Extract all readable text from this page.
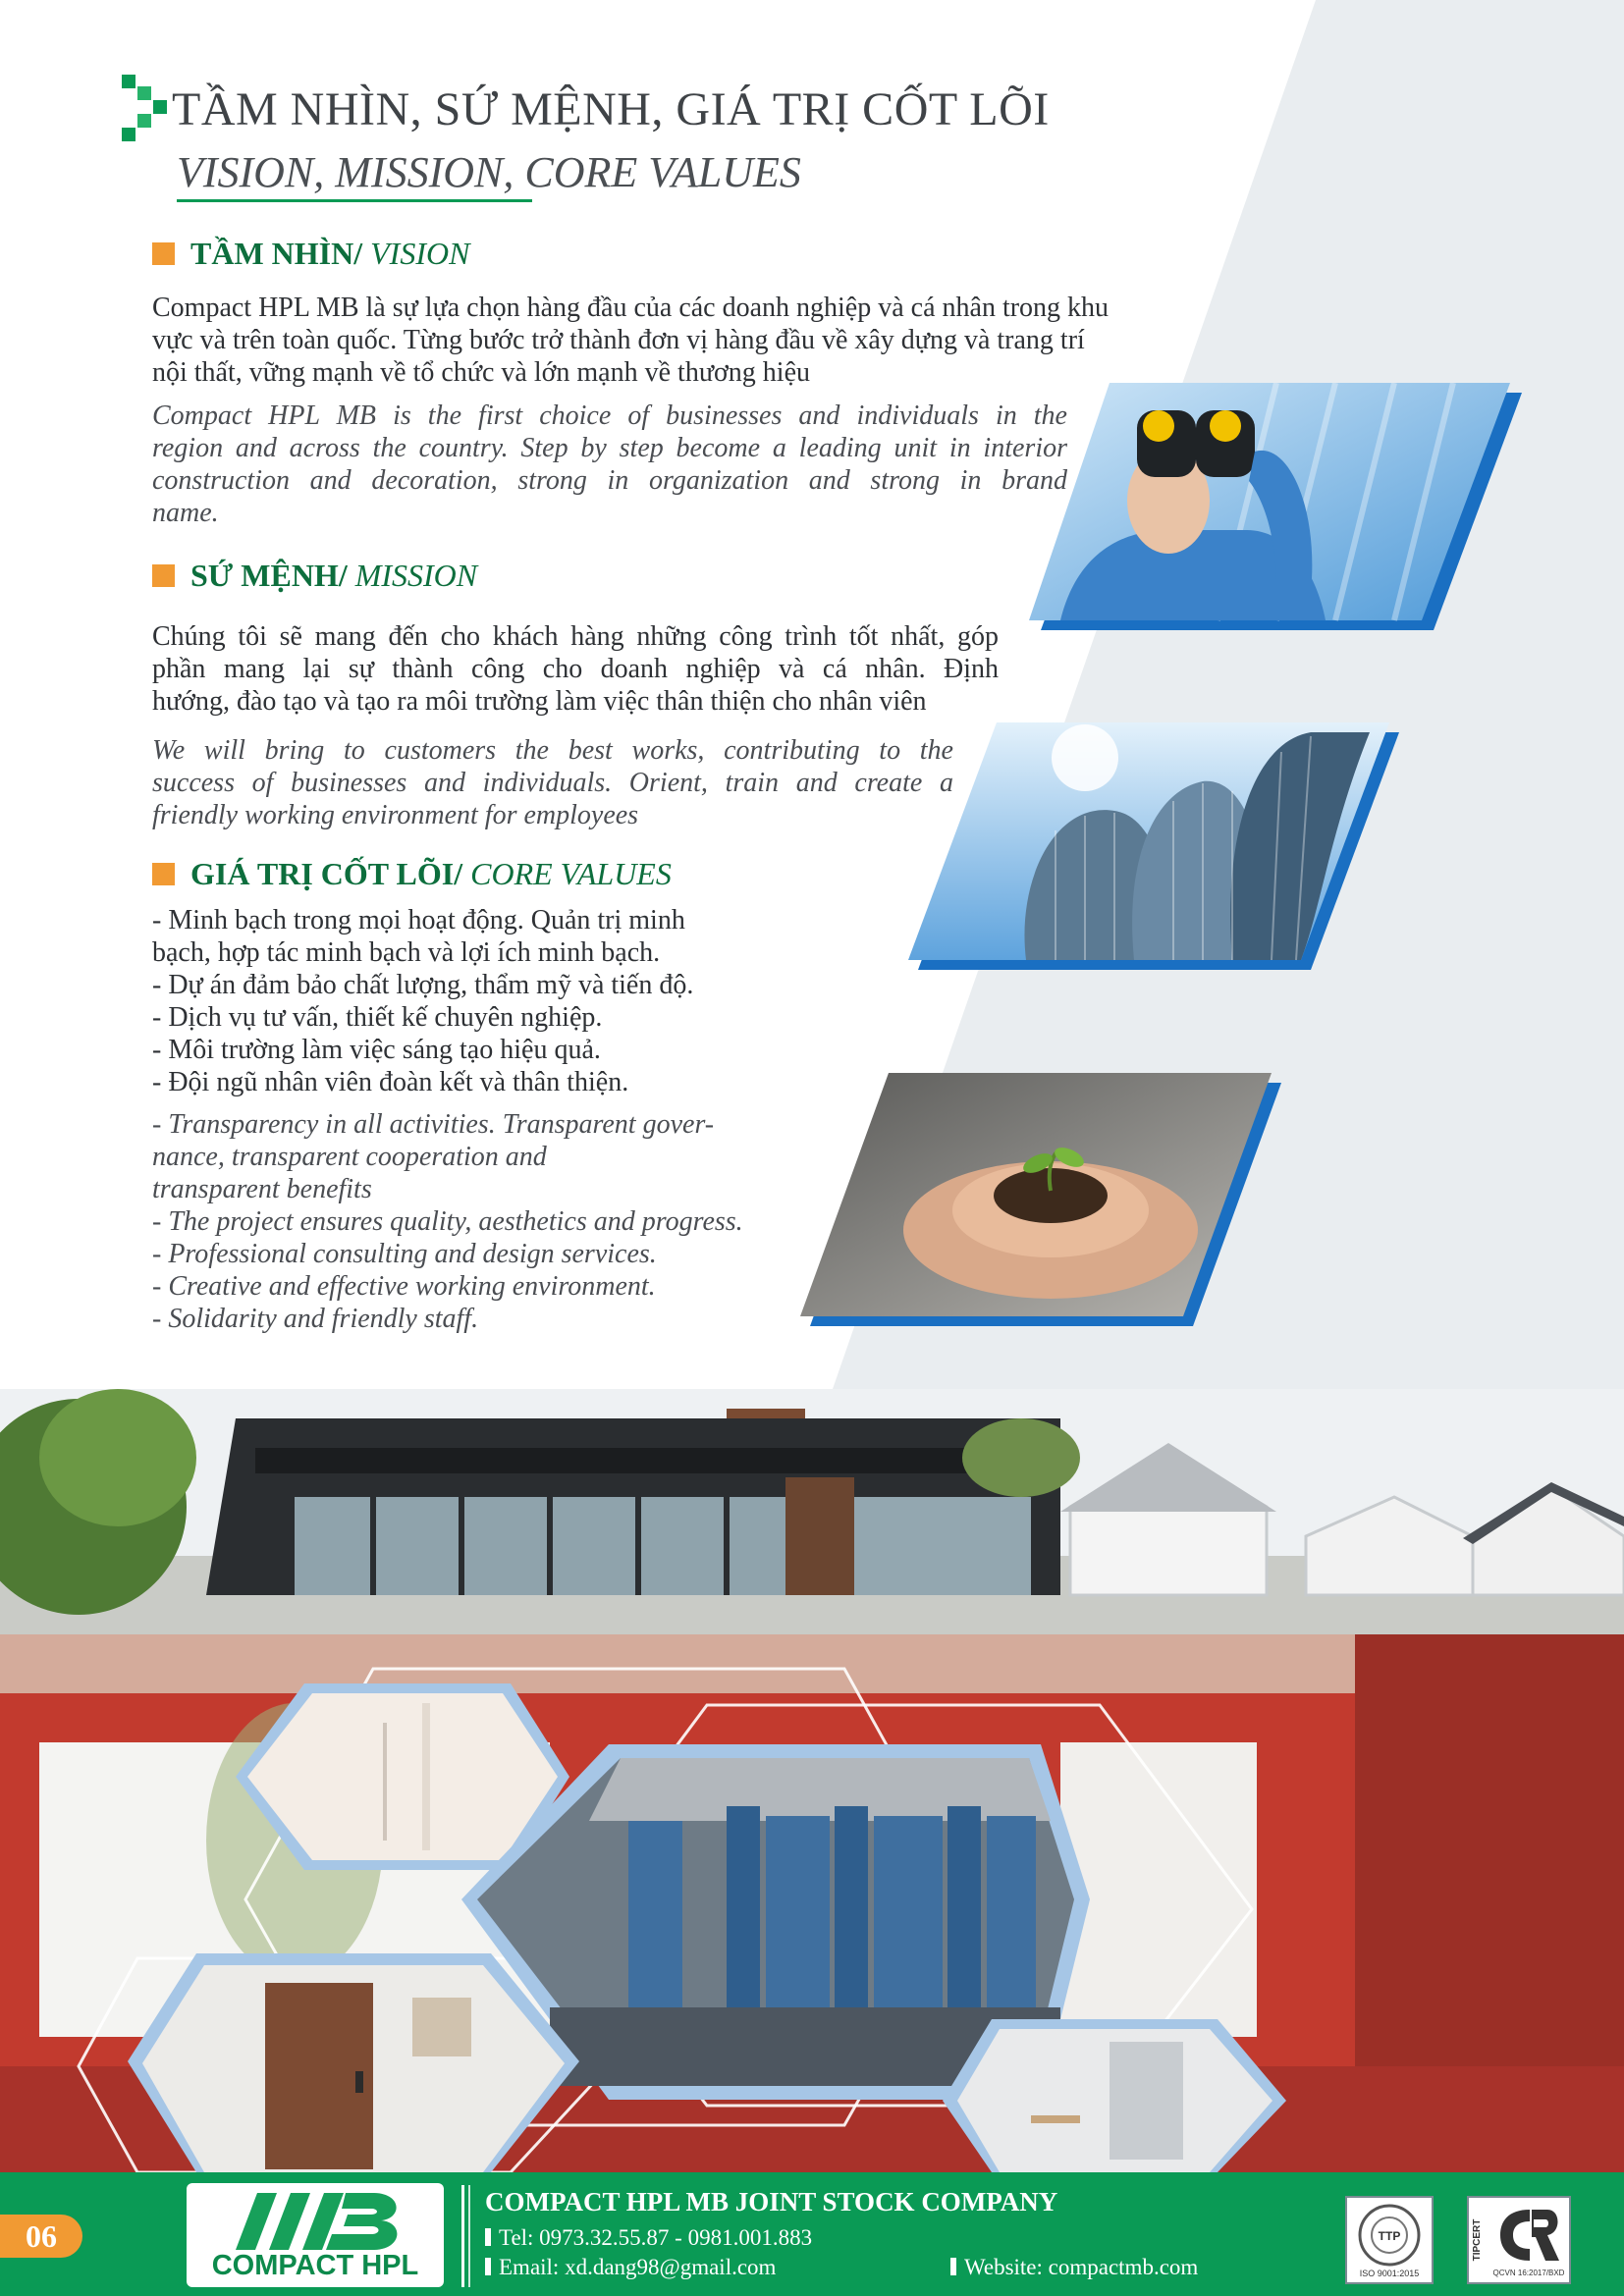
TẦM NHÌN, SỨ MỆNH, GIÁ TRỊ CỐT LÕI
VISION, MISSION, CORE VALUES
TẦM NHÌN/ VISION
Compact HPL MB là sự lựa chọn hàng đầu của các doanh nghiệp và cá nhân trong khu
vực và trên toàn quốc. Từng bước trở thành đơn vị hàng đầu về xây dựng và trang trí
nội thất, vững mạnh về tổ chức và lớn mạnh về thương hiệu
Compact HPL MB is the first choice of businesses and individuals in the
region and across the country. Step by step become a leading unit in interior
construction and decoration, strong in organization and strong in brand
name.
SỨ MỆNH/ MISSION
Chúng tôi sẽ mang đến cho khách hàng những công trình tốt nhất, góp
phần mang lại sự thành công cho doanh nghiệp và cá nhân. Định
hướng, đào tạo và tạo ra môi trường làm việc thân thiện cho nhân viên
We will bring to customers the best works, contributing to the
success of businesses and individuals. Orient, train and create a
friendly working environment for employees
GIÁ TRỊ CỐT LÕI/ CORE VALUES
- Minh bạch trong mọi hoạt động. Quản trị minh
bạch, hợp tác minh bạch và lợi ích minh bạch.
- Dự án đảm bảo chất lượng, thẩm mỹ và tiến độ.
- Dịch vụ tư vấn, thiết kế chuyên nghiệp.
- Môi trường làm việc sáng tạo hiệu quả.
- Đội ngũ nhân viên đoàn kết và thân thiện.
- Transparency in all activities. Transparent gover-
nance, transparent cooperation and
transparent benefits
- The project ensures quality, aesthetics and progress.
- Professional consulting and design services.
- Creative and effective working environment.
- Solidarity and friendly staff.
06
COMPACT HPL
COMPACT HPL MB JOINT STOCK COMPANY
Tel: 0973.32.55.87 - 0981.001.883
Email: xd.dang98@gmail.com	Website: compactmb.com
TTP
ISO 9001:2015
TIPCERT
QCVN 16:2017/BXD
